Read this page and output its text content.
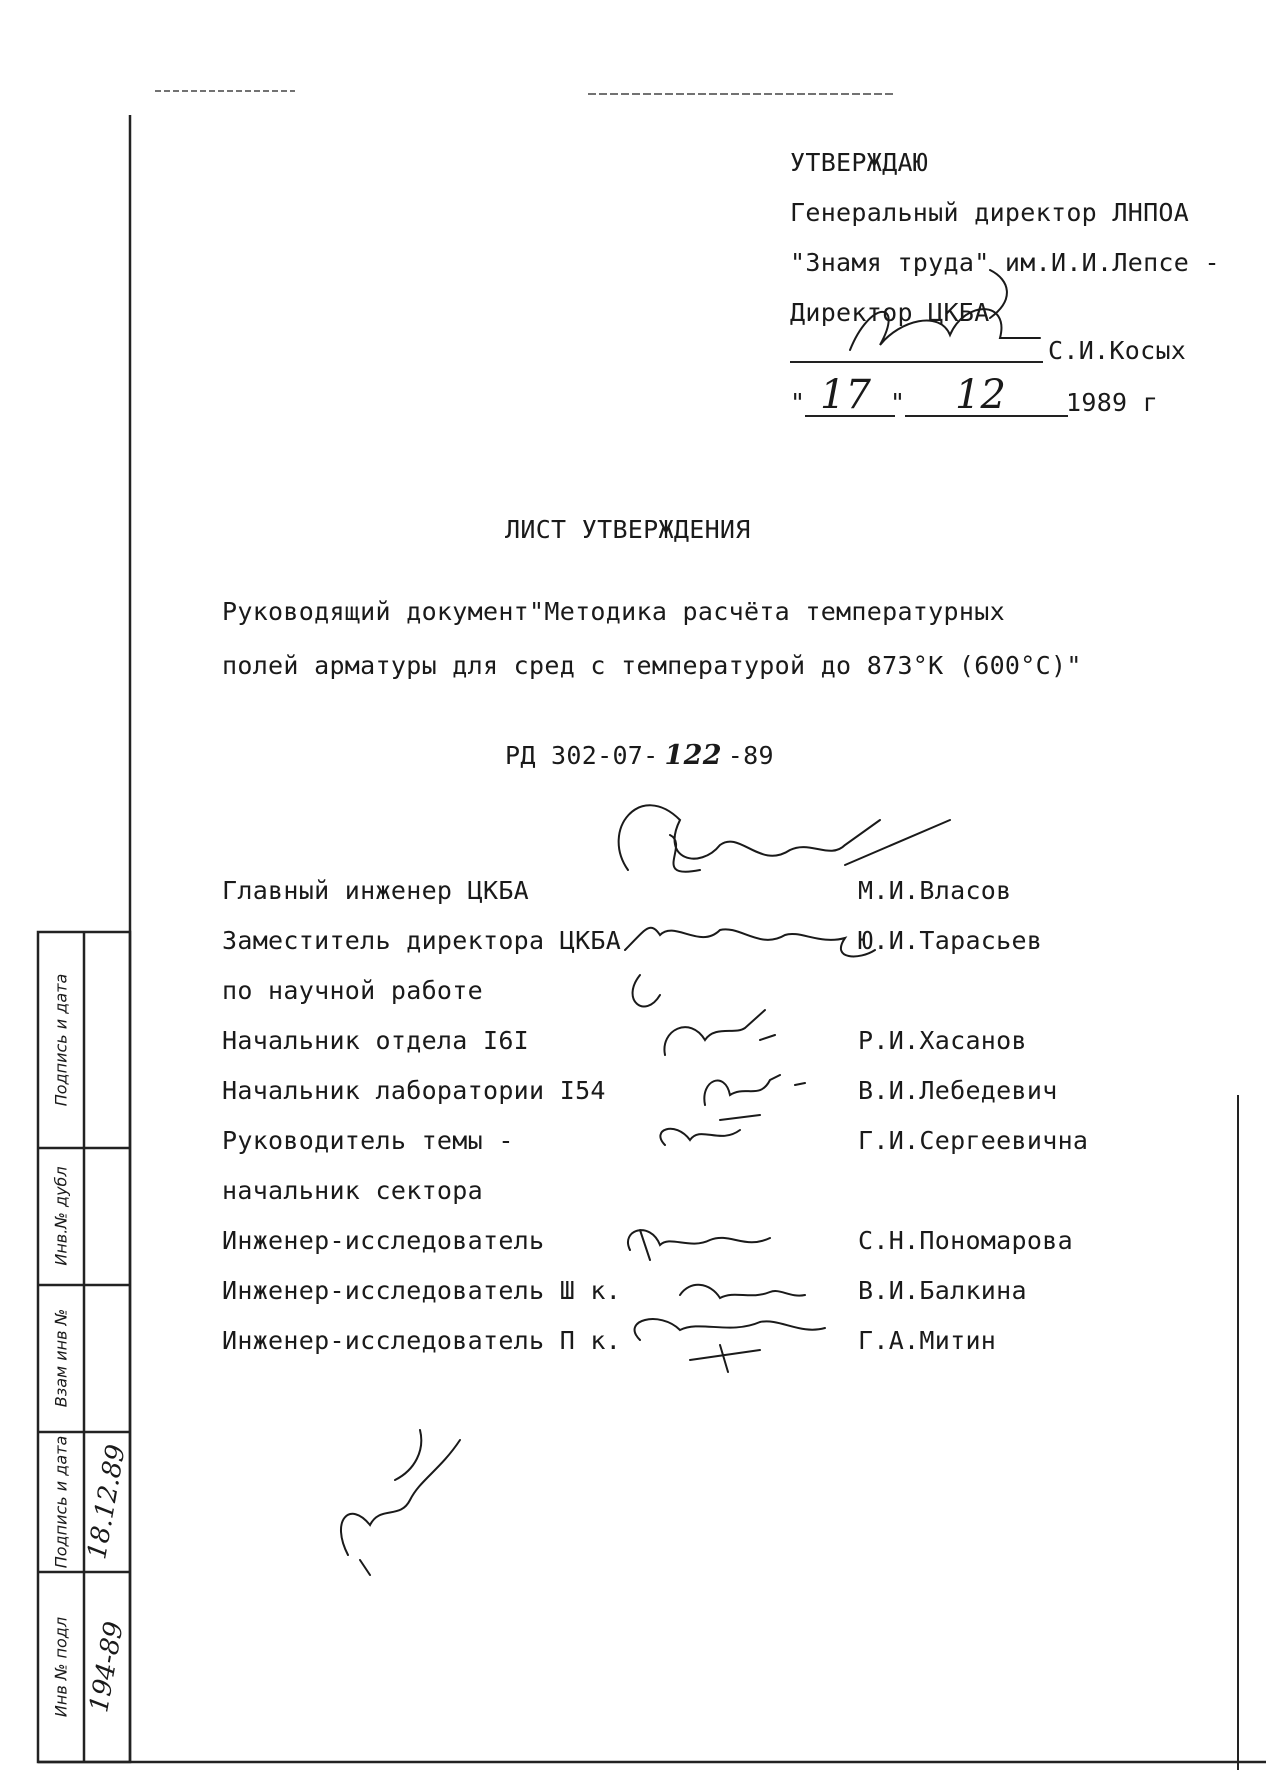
УТВЕРЖДАЮ
Генеральный директор ЛНПОА
"Знамя труда" им.И.И.Лепсе -
Директор ЦКБА
С.И.Косых
" 17 " 12 1989 г
ЛИСТ УТВЕРЖДЕНИЯ
Руководящий документ"Методика расчёта температурных
полей арматуры для сред с температурой до 873°К (600°С)"
РД 302-07- 122 -89
Главный инженер ЦКБА	М.И.Власов
Заместитель директора ЦКБА	Ю.И.Тарасьев
по научной работе
Начальник отдела I6I	Р.И.Хасанов
Начальник лаборатории I54	В.И.Лебедевич
Руководитель темы -	Г.И.Сергеевична
начальник сектора
Инженер-исследователь	С.Н.Пономарова
Инженер-исследователь Ш к.	В.И.Балкина
Инженер-исследователь П к.	Г.А.Митин
Инв № подл
Подпись и дата
Взам инв №
Инв.№ дубл
Подпись и дата
194-89
18.12.89
